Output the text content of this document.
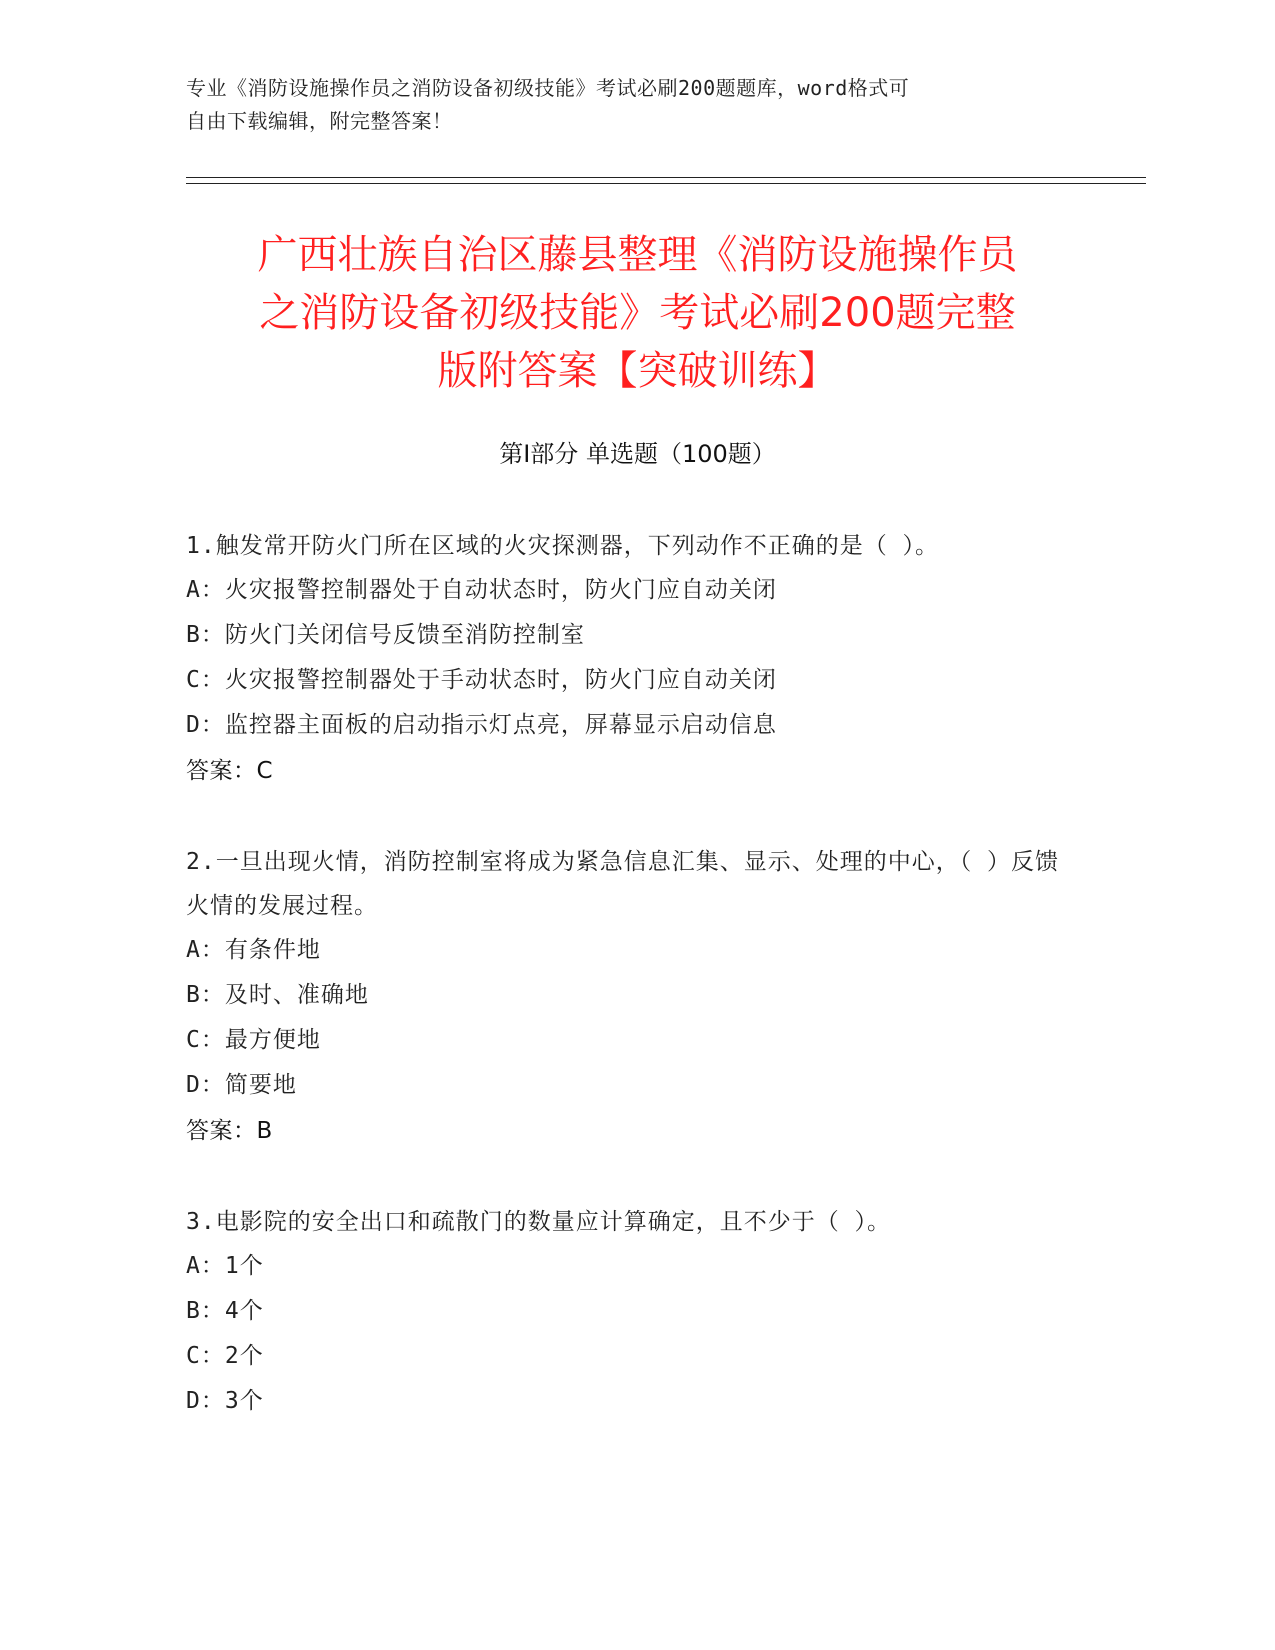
专业《消防设施操作员之消防设备初级技能》考试必刷200题题库，word格式可
自由下载编辑，附完整答案！
广西壮族自治区藤县整理《消防设施操作员
之消防设备初级技能》考试必刷200题完整
版附答案【突破训练】
第Ⅰ部分 单选题（100题）
1.触发常开防火门所在区域的火灾探测器，下列动作不正确的是（ ）。
A：火灾报警控制器处于自动状态时，防火门应自动关闭
B：防火门关闭信号反馈至消防控制室
C：火灾报警控制器处于手动状态时，防火门应自动关闭
D：监控器主面板的启动指示灯点亮，屏幕显示启动信息
答案：C
2.一旦出现火情，消防控制室将成为紧急信息汇集、显示、处理的中心，（ ）反馈火情的发展过程。
A：有条件地
B：及时、准确地
C：最方便地
D：简要地
答案：B
3.电影院的安全出口和疏散门的数量应计算确定，且不少于（ ）。
A：1个
B：4个
C：2个
D：3个
